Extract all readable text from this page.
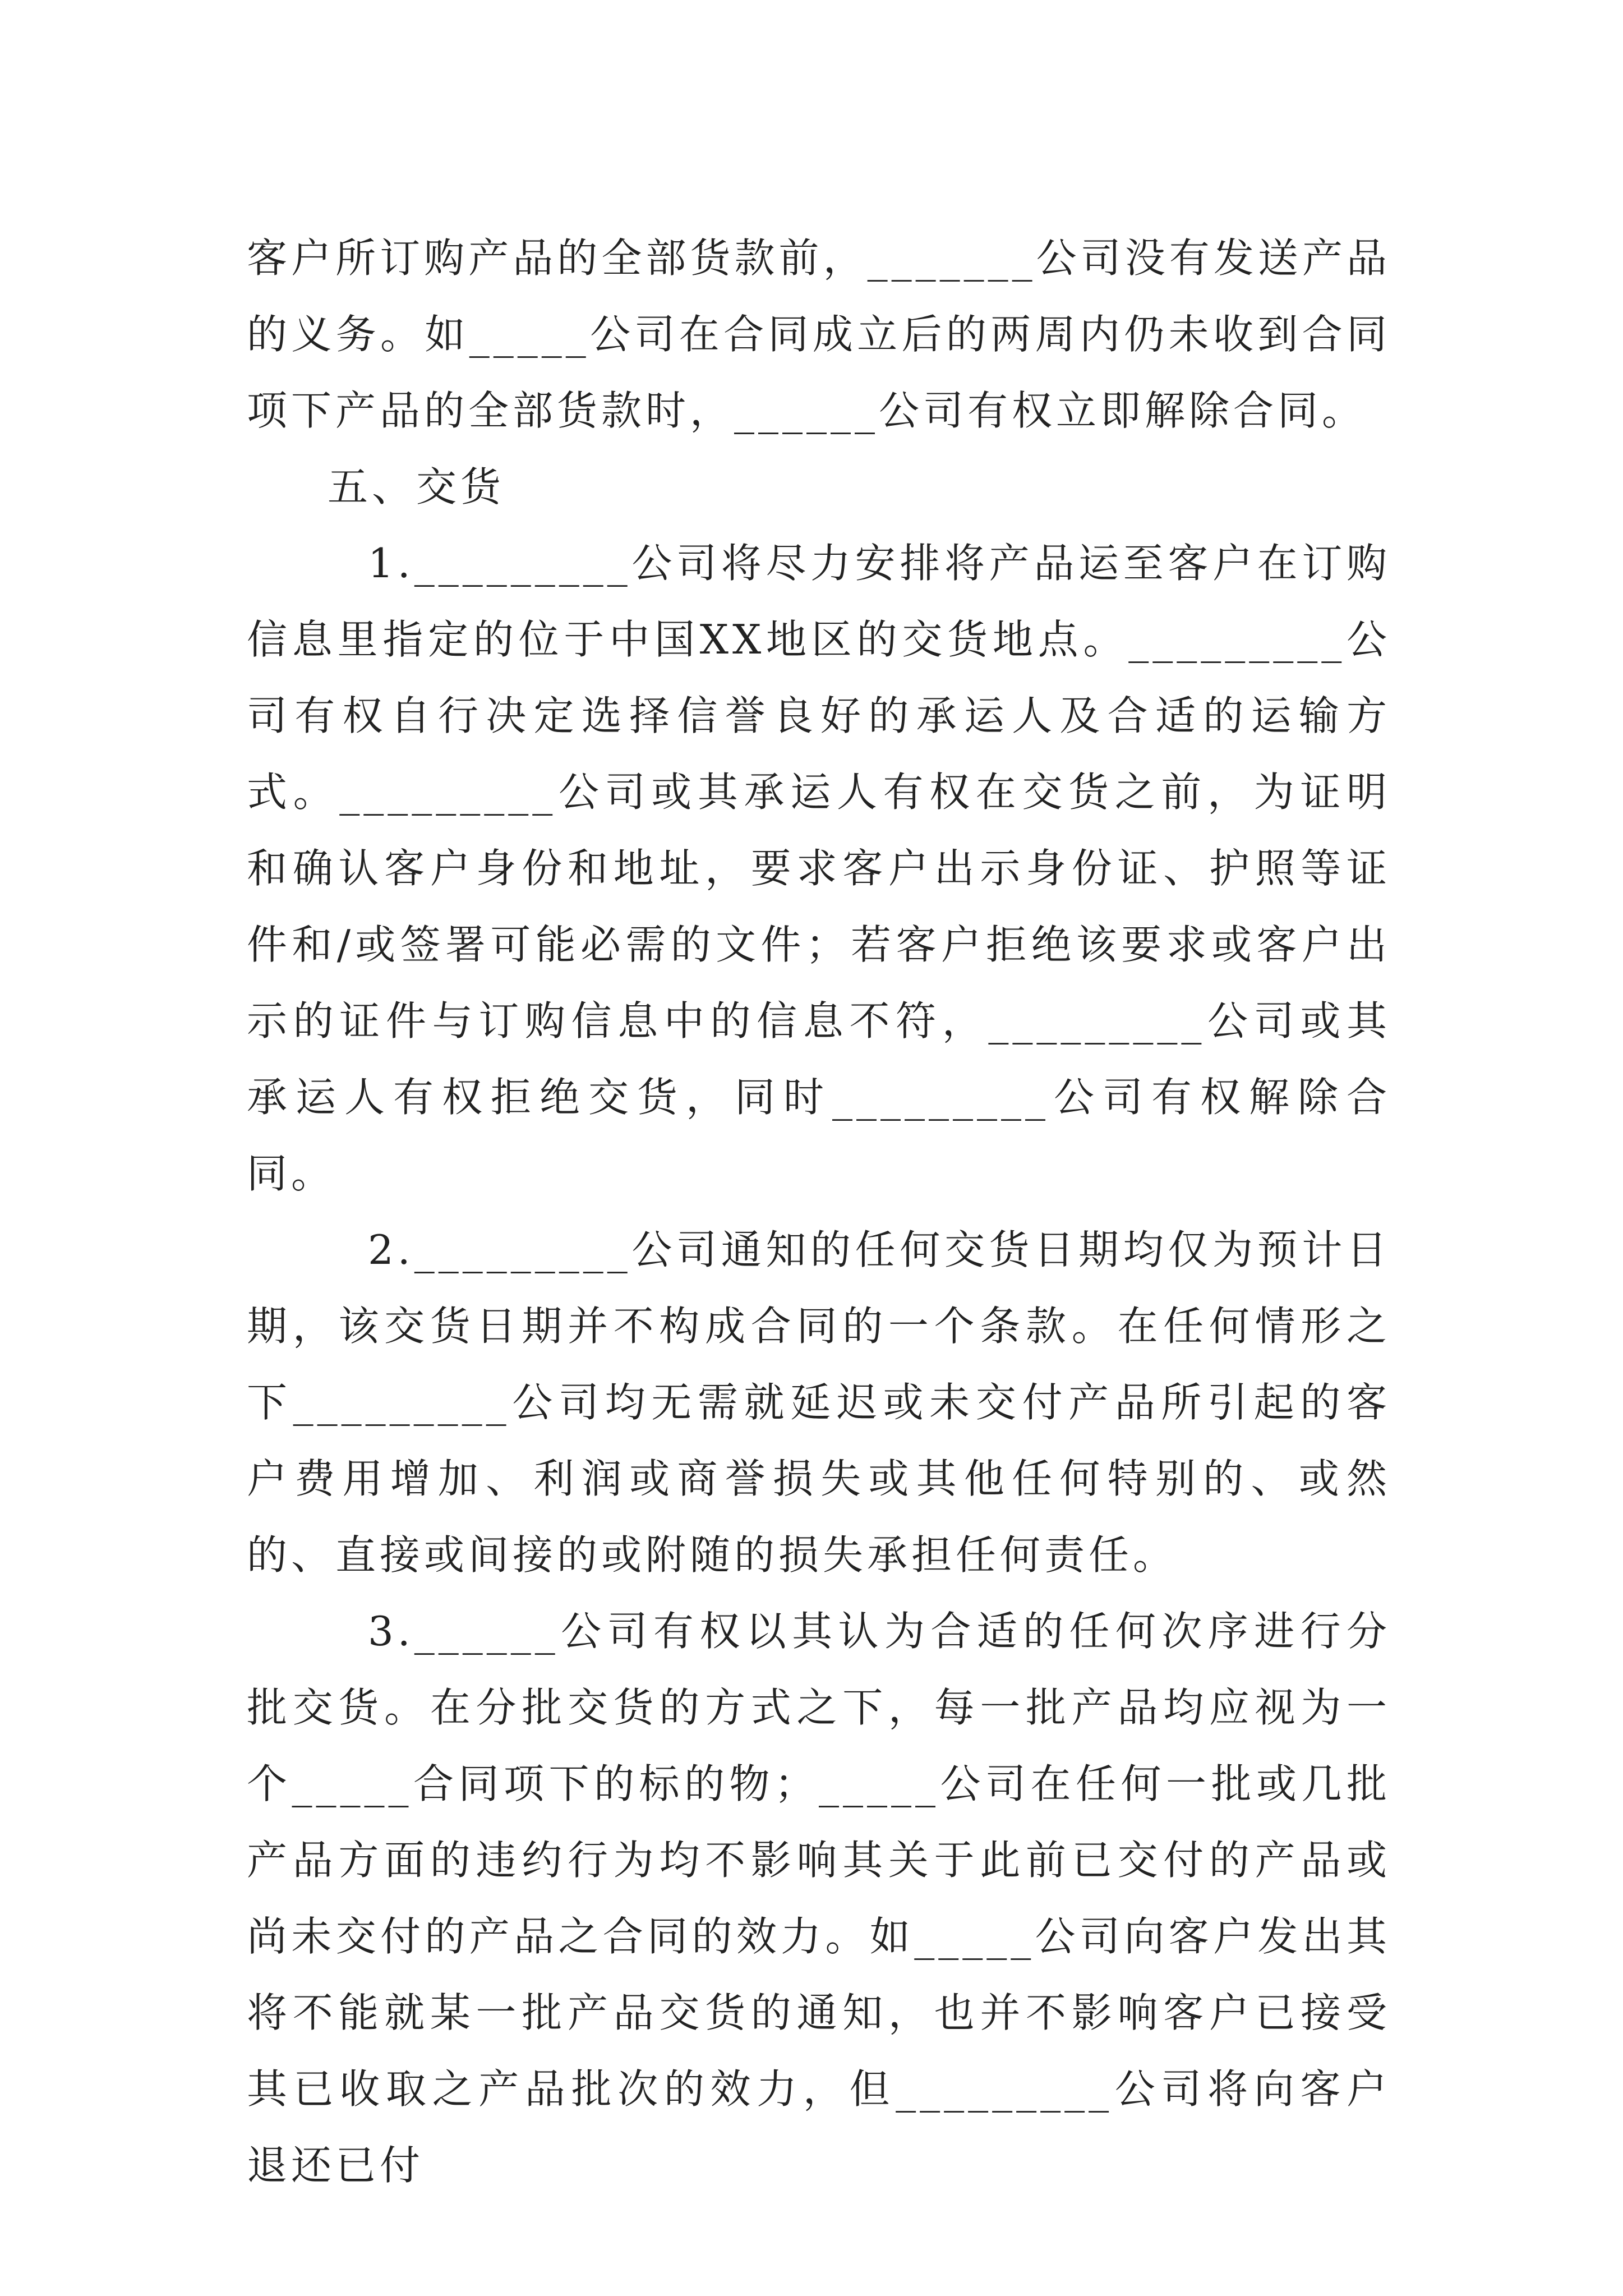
客户所订购产品的全部货款前，_______公司没有发送产品的义务。如_____公司在合同成立后的两周内仍未收到合同项下产品的全部货款时，______公司有权立即解除合同。

五、交货

1._________公司将尽力安排将产品运至客户在订购信息里指定的位于中国XX地区的交货地点。_________公司有权自行决定选择信誉良好的承运人及合适的运输方式。_________公司或其承运人有权在交货之前，为证明和确认客户身份和地址，要求客户出示身份证、护照等证件和/或签署可能必需的文件；若客户拒绝该要求或客户出示的证件与订购信息中的信息不符，_________公司或其承运人有权拒绝交货，同时_________公司有权解除合同。

2._________公司通知的任何交货日期均仅为预计日期，该交货日期并不构成合同的一个条款。在任何情形之下_________公司均无需就延迟或未交付产品所引起的客户费用增加、利润或商誉损失或其他任何特别的、或然的、直接或间接的或附随的损失承担任何责任。

3.______公司有权以其认为合适的任何次序进行分批交货。在分批交货的方式之下，每一批产品均应视为一个_____合同项下的标的物；_____公司在任何一批或几批产品方面的违约行为均不影响其关于此前已交付的产品或尚未交付的产品之合同的效力。如_____公司向客户发出其将不能就某一批产品交货的通知，也并不影响客户已接受其已收取之产品批次的效力，但_________公司将向客户退还已付
